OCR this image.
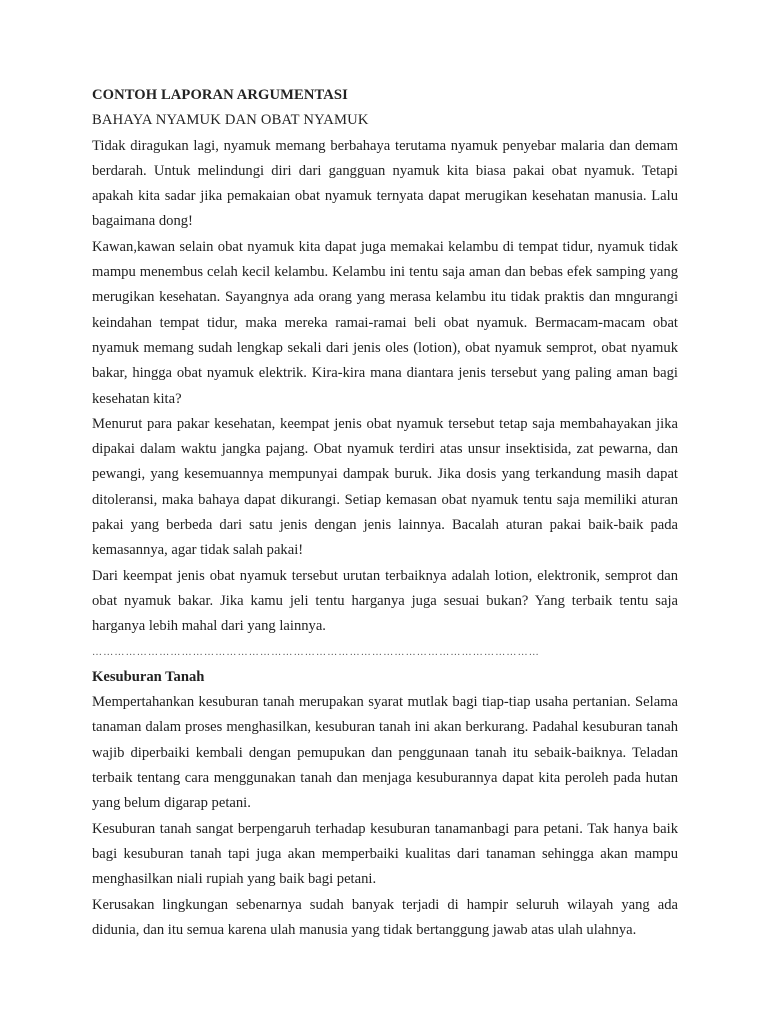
CONTOH LAPORAN ARGUMENTASI

BAHAYA NYAMUK DAN OBAT NYAMUK

Tidak diragukan lagi, nyamuk memang berbahaya terutama nyamuk penyebar malaria dan demam berdarah. Untuk melindungi diri dari gangguan nyamuk kita biasa pakai obat nyamuk. Tetapi apakah kita sadar jika pemakaian obat nyamuk ternyata dapat merugikan kesehatan manusia. Lalu bagaimana dong!

Kawan,kawan selain obat nyamuk kita dapat juga memakai kelambu di tempat tidur, nyamuk tidak mampu menembus celah kecil kelambu. Kelambu ini tentu saja aman dan bebas efek samping yang merugikan kesehatan. Sayangnya ada orang yang merasa kelambu itu tidak praktis dan mngurangi keindahan tempat tidur, maka mereka ramai-ramai beli obat nyamuk. Bermacam-macam obat nyamuk memang sudah lengkap sekali dari jenis oles (lotion), obat nyamuk semprot, obat nyamuk bakar, hingga obat nyamuk elektrik. Kira-kira mana diantara jenis tersebut yang paling aman bagi kesehatan kita?

Menurut para pakar kesehatan, keempat jenis obat nyamuk tersebut tetap saja membahayakan jika dipakai dalam waktu jangka pajang. Obat nyamuk terdiri atas unsur insektisida, zat pewarna, dan pewangi, yang kesemuannya mempunyai dampak buruk. Jika dosis yang terkandung masih dapat ditoleransi, maka bahaya dapat dikurangi. Setiap kemasan obat nyamuk tentu saja memiliki aturan pakai yang berbeda dari satu jenis dengan jenis lainnya. Bacalah aturan pakai baik-baik pada kemasannya, agar tidak salah pakai!

Dari keempat jenis obat nyamuk tersebut urutan terbaiknya adalah lotion, elektronik, semprot dan obat nyamuk bakar. Jika kamu jeli tentu harganya juga sesuai bukan? Yang terbaik tentu saja harganya lebih mahal dari yang lainnya.

…………………………………………………………………………………………………………

Kesuburan Tanah

Mempertahankan kesuburan tanah merupakan syarat mutlak bagi tiap-tiap usaha pertanian. Selama tanaman dalam proses menghasilkan, kesuburan tanah ini akan berkurang. Padahal kesuburan tanah wajib diperbaiki kembali dengan pemupukan dan penggunaan tanah itu sebaik-baiknya. Teladan terbaik tentang cara menggunakan tanah dan menjaga kesuburannya dapat kita peroleh pada hutan yang belum digarap petani.

Kesuburan tanah sangat berpengaruh terhadap kesuburan tanamanbagi para petani. Tak hanya baik bagi kesuburan tanah tapi juga akan memperbaiki kualitas dari tanaman sehingga akan mampu menghasilkan niali rupiah yang baik bagi petani.

Kerusakan lingkungan sebenarnya sudah banyak terjadi di hampir seluruh wilayah yang ada didunia, dan itu semua karena ulah manusia yang tidak bertanggung jawab atas ulah ulahnya.
